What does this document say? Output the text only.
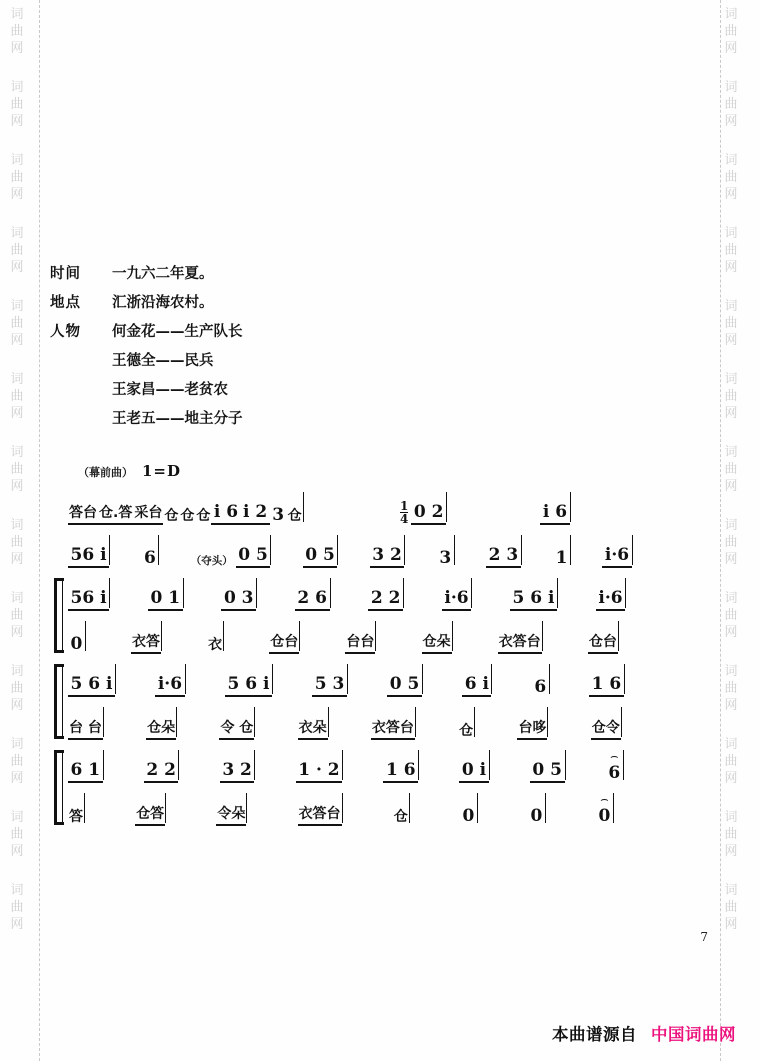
词
曲
网
词
曲
网
词
曲
网
词
曲
网
词
曲
网
词
曲
网
词
曲
网
词
曲
网
词
曲
网
词
曲
网
词
曲
网
词
曲
网
词
曲
网
词
曲
网
词
曲
网
词
曲
网
词
曲
网
词
曲
网
词
曲
网
词
曲
网
词
曲
网
词
曲
网
词
曲
网
词
曲
网
词
曲
网
词
曲
网
时间	一九六二年夏。
地点	汇浙沿海农村。
人物	何金花——生产队长
王德全——民兵
王家昌——老贫农
王老五——地主分子
（幕前曲） 1=D
答台 仓.答 采台 仓 仓 仓 i 6 i 2 3 仓	$\frac{1}{4} 0$ 2	i 6
56 i 6	（夺头） 0 5 0 5 3 2 3 2 3 1 i·6
56 i	0 1	0 3	2 6	2 2	i·6	5 6 i	i·6
0	衣答	衣	仓台	台台	仓朵	衣答台	仓台
5 6 i	i·6	5 6 i	5 3	0 5	6 i	6	1 6
台 台	仓朵	令 仓	衣朵	衣答台	仓	台哆	仓令
6 1	2 2	3 2	1 · 2	1 6	0 i	0 5	6
⌢
答	仓答	令朵	衣答台	仓	0	0	0
⌢
7
本曲谱源自 中国词曲网
